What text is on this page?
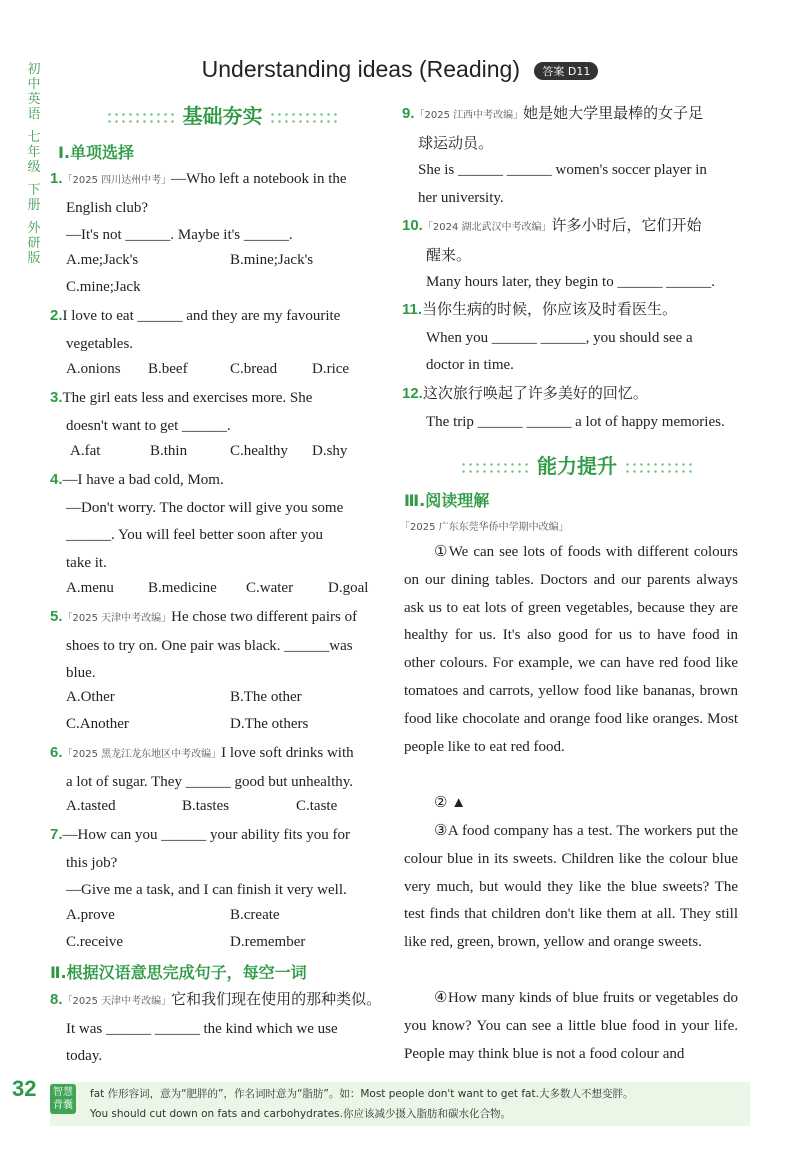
初中英语
七年级
下册
外研版
Understanding ideas (Reading) 答案 D11
基础夯实
Ⅰ.单项选择
1.「2025 四川达州中考」—Who left a notebook in the
English club?
—It's not ______. Maybe it's ______.
A.me;Jack's	B.mine;Jack's
C.mine;Jack
2.I love to eat ______ and they are my favourite
vegetables.
A.onions B.beef	C.bread D.rice
3.The girl eats less and exercises more. She
doesn't want to get ______.
A.fat	B.thin	C.healthy D.shy
4.—I have a bad cold, Mom.
—Don't worry. The doctor will give you some
______. You will feel better soon after you
take it.
A.menu B.medicine C.water D.goal
5.「2025 天津中考改编」He chose two different pairs of
shoes to try on. One pair was black. ______was
blue.
A.Other	B.The other
C.Another	D.The others
6.「2025 黑龙江龙东地区中考改编」I love soft drinks with
a lot of sugar. They ______ good but unhealthy.
A.tasted	B.tastes	C.taste
7.—How can you ______ your ability fits you for
this job?
—Give me a task, and I can finish it very well.
A.prove	B.create
C.receive	D.remember
Ⅱ.根据汉语意思完成句子，每空一词
8.「2025 天津中考改编」它和我们现在使用的那种类似。
It was ______ ______ the kind which we use
today.
9.「2025 江西中考改编」她是她大学里最棒的女子足
球运动员。
She is ______ ______ women's soccer player in
her university.
10.「2024 湖北武汉中考改编」许多小时后，它们开始
醒来。
Many hours later, they begin to ______ ______.
11.当你生病的时候，你应该及时看医生。
When you ______ ______, you should see a
doctor in time.
12.这次旅行唤起了许多美好的回忆。
The trip ______ ______ a lot of happy memories.
能力提升
Ⅲ.阅读理解
「2025 广东东莞华侨中学期中改编」
①We can see lots of foods with different colours on our dining tables. Doctors and our parents always ask us to eat lots of green vegetables, because they are healthy for us. It's also good for us to have food in other colours. For example, we can have red food like tomatoes and carrots, yellow food like bananas, brown food like chocolate and orange food like oranges. Most people like to eat red food.
② ▲
③A food company has a test. The workers put the colour blue in its sweets. Children like the colour blue very much, but would they like the blue sweets? The test finds that children don't like them at all. They still like red, green, brown, yellow and orange sweets.
④How many kinds of blue fruits or vegetables do you know? You can see a little blue food in your life. People may think blue is not a food colour and
32	智慧背囊
fat 作形容词，意为“肥胖的”，作名词时意为“脂肪”。如：Most people don't want to get fat.大多数人不想变胖。
You should cut down on fats and carbohydrates.你应该减少摄入脂肪和碳水化合物。
